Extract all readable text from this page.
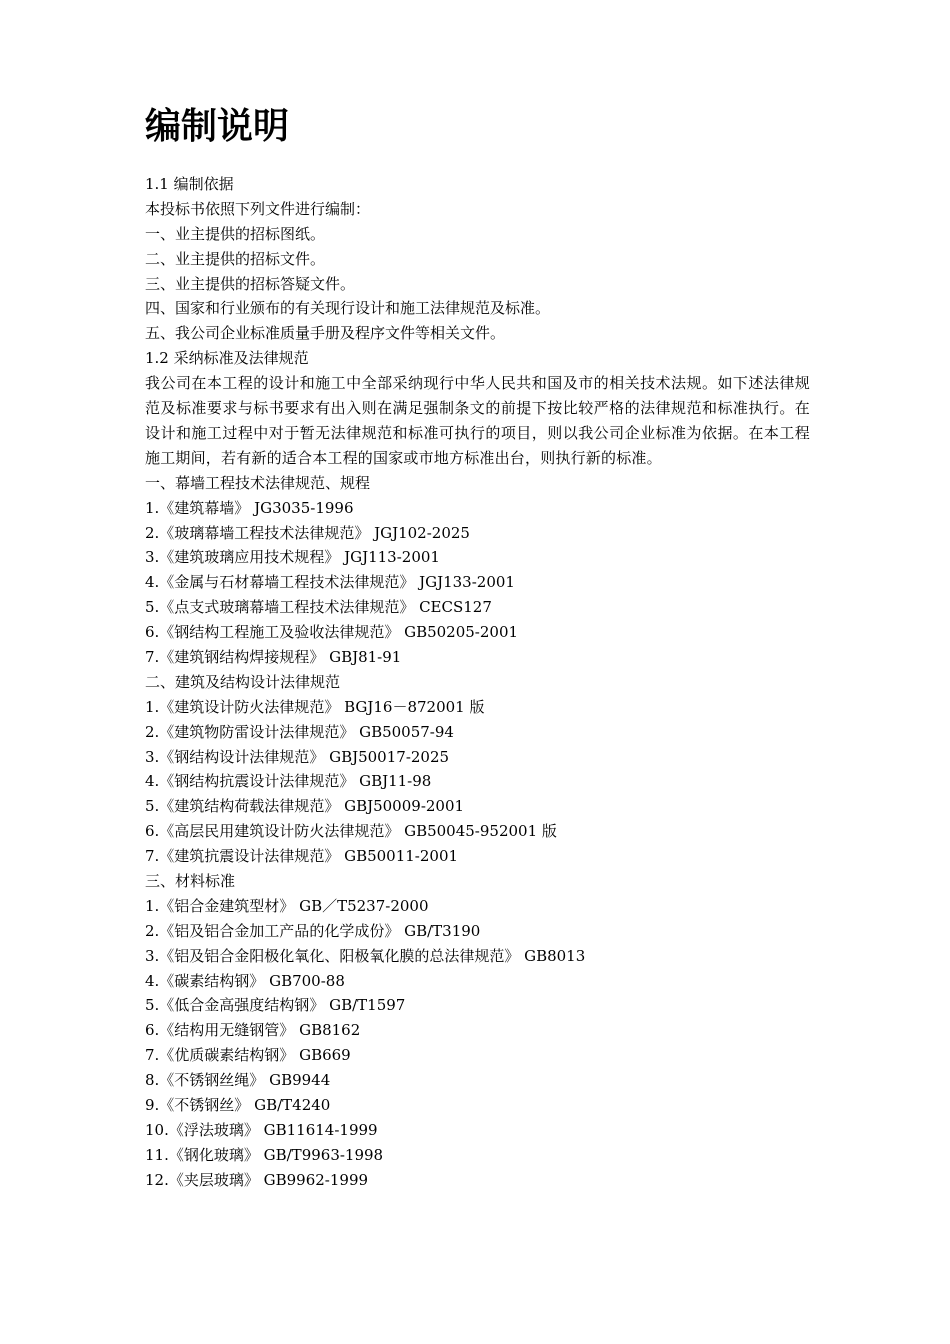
编制说明

1.1 编制依据

本投标书依照下列文件进行编制：

一、业主提供的招标图纸。

二、业主提供的招标文件。

三、业主提供的招标答疑文件。

四、国家和行业颁布的有关现行设计和施工法律规范及标准。

五、我公司企业标准质量手册及程序文件等相关文件。

1.2 采纳标准及法律规范

我公司在本工程的设计和施工中全部采纳现行中华人民共和国及市的相关技术法规。如下述法律规范及标准要求与标书要求有出入则在满足强制条文的前提下按比较严格的法律规范和标准执行。在设计和施工过程中对于暂无法律规范和标准可执行的项目，则以我公司企业标准为依据。在本工程施工期间，若有新的适合本工程的国家或市地方标准出台，则执行新的标准。

一、幕墙工程技术法律规范、规程

1.《建筑幕墙》 JG3035-1996

2.《玻璃幕墙工程技术法律规范》 JGJ102-2025

3.《建筑玻璃应用技术规程》 JGJ113-2001

4.《金属与石材幕墙工程技术法律规范》 JGJ133-2001

5.《点支式玻璃幕墙工程技术法律规范》 CECS127

6.《钢结构工程施工及验收法律规范》 GB50205-2001

7.《建筑钢结构焊接规程》 GBJ81-91

二、建筑及结构设计法律规范

1.《建筑设计防火法律规范》 BGJ16－872001 版

2.《建筑物防雷设计法律规范》 GB50057-94

3.《钢结构设计法律规范》 GBJ50017-2025

4.《钢结构抗震设计法律规范》 GBJ11-98

5.《建筑结构荷载法律规范》 GBJ50009-2001

6.《高层民用建筑设计防火法律规范》 GB50045-952001 版

7.《建筑抗震设计法律规范》 GB50011-2001

三、材料标准

1.《铝合金建筑型材》 GB／T5237-2000

2.《铝及铝合金加工产品的化学成份》 GB/T3190

3.《铝及铝合金阳极化氧化、阳极氧化膜的总法律规范》 GB8013

4.《碳素结构钢》 GB700-88

5.《低合金高强度结构钢》 GB/T1597

6.《结构用无缝钢管》 GB8162

7.《优质碳素结构钢》 GB669

8.《不锈钢丝绳》 GB9944

9.《不锈钢丝》 GB/T4240

10.《浮法玻璃》 GB11614-1999

11.《钢化玻璃》 GB/T9963-1998

12.《夹层玻璃》 GB9962-1999
